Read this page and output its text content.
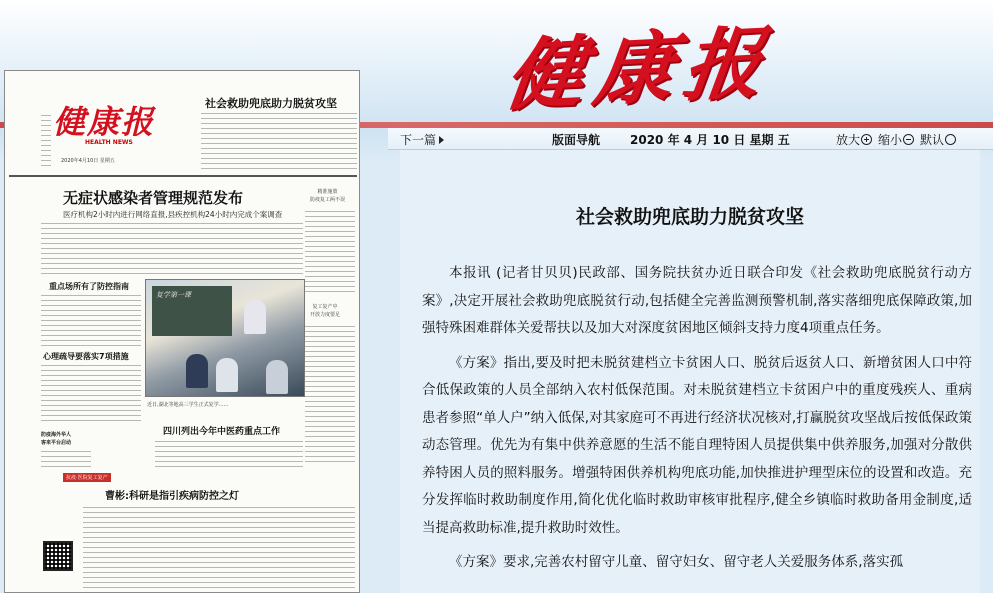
健康报
健康报
HEALTH NEWS
2020年4月10日 星期五
社会救助兜底助力脱贫攻坚
无症状感染者管理规范发布
医疗机构2小时内进行网络直报,县疾控机构24小时内完成个案调查
精准施策
防疫复工两不误
复工复产中
开放力度要足
重点场所有了防控指南
心理疏导要落实7项措施
复学第一课
近日,湖北等地高三学生正式复学……
防疫海外华人
客来平台启动
四川列出今年中医药重点工作
抗疫·医院复工复产
曹彬:科研是指引疾病防控之灯
下一篇	版面导航 2020 年 4 月 10 日 星期 五	放大	缩小	默认
社会救助兜底助力脱贫攻坚

本报讯 (记者甘贝贝)民政部、国务院扶贫办近日联合印发《社会救助兜底脱贫行动方案》,决定开展社会救助兜底脱贫行动,包括健全完善监测预警机制,落实落细兜底保障政策,加强特殊困难群体关爱帮扶以及加大对深度贫困地区倾斜支持力度4项重点任务。

《方案》指出,要及时把未脱贫建档立卡贫困人口、脱贫后返贫人口、新增贫困人口中符合低保政策的人员全部纳入农村低保范围。对未脱贫建档立卡贫困户中的重度残疾人、重病患者参照“单人户”纳入低保,对其家庭可不再进行经济状况核对,打赢脱贫攻坚战后按低保政策动态管理。优先为有集中供养意愿的生活不能自理特困人员提供集中供养服务,加强对分散供养特困人员的照料服务。增强特困供养机构兜底功能,加快推进护理型床位的设置和改造。充分发挥临时救助制度作用,简化优化临时救助审核审批程序,健全乡镇临时救助备用金制度,适当提高救助标准,提升救助时效性。

《方案》要求,完善农村留守儿童、留守妇女、留守老人关爱服务体系,落实孤
